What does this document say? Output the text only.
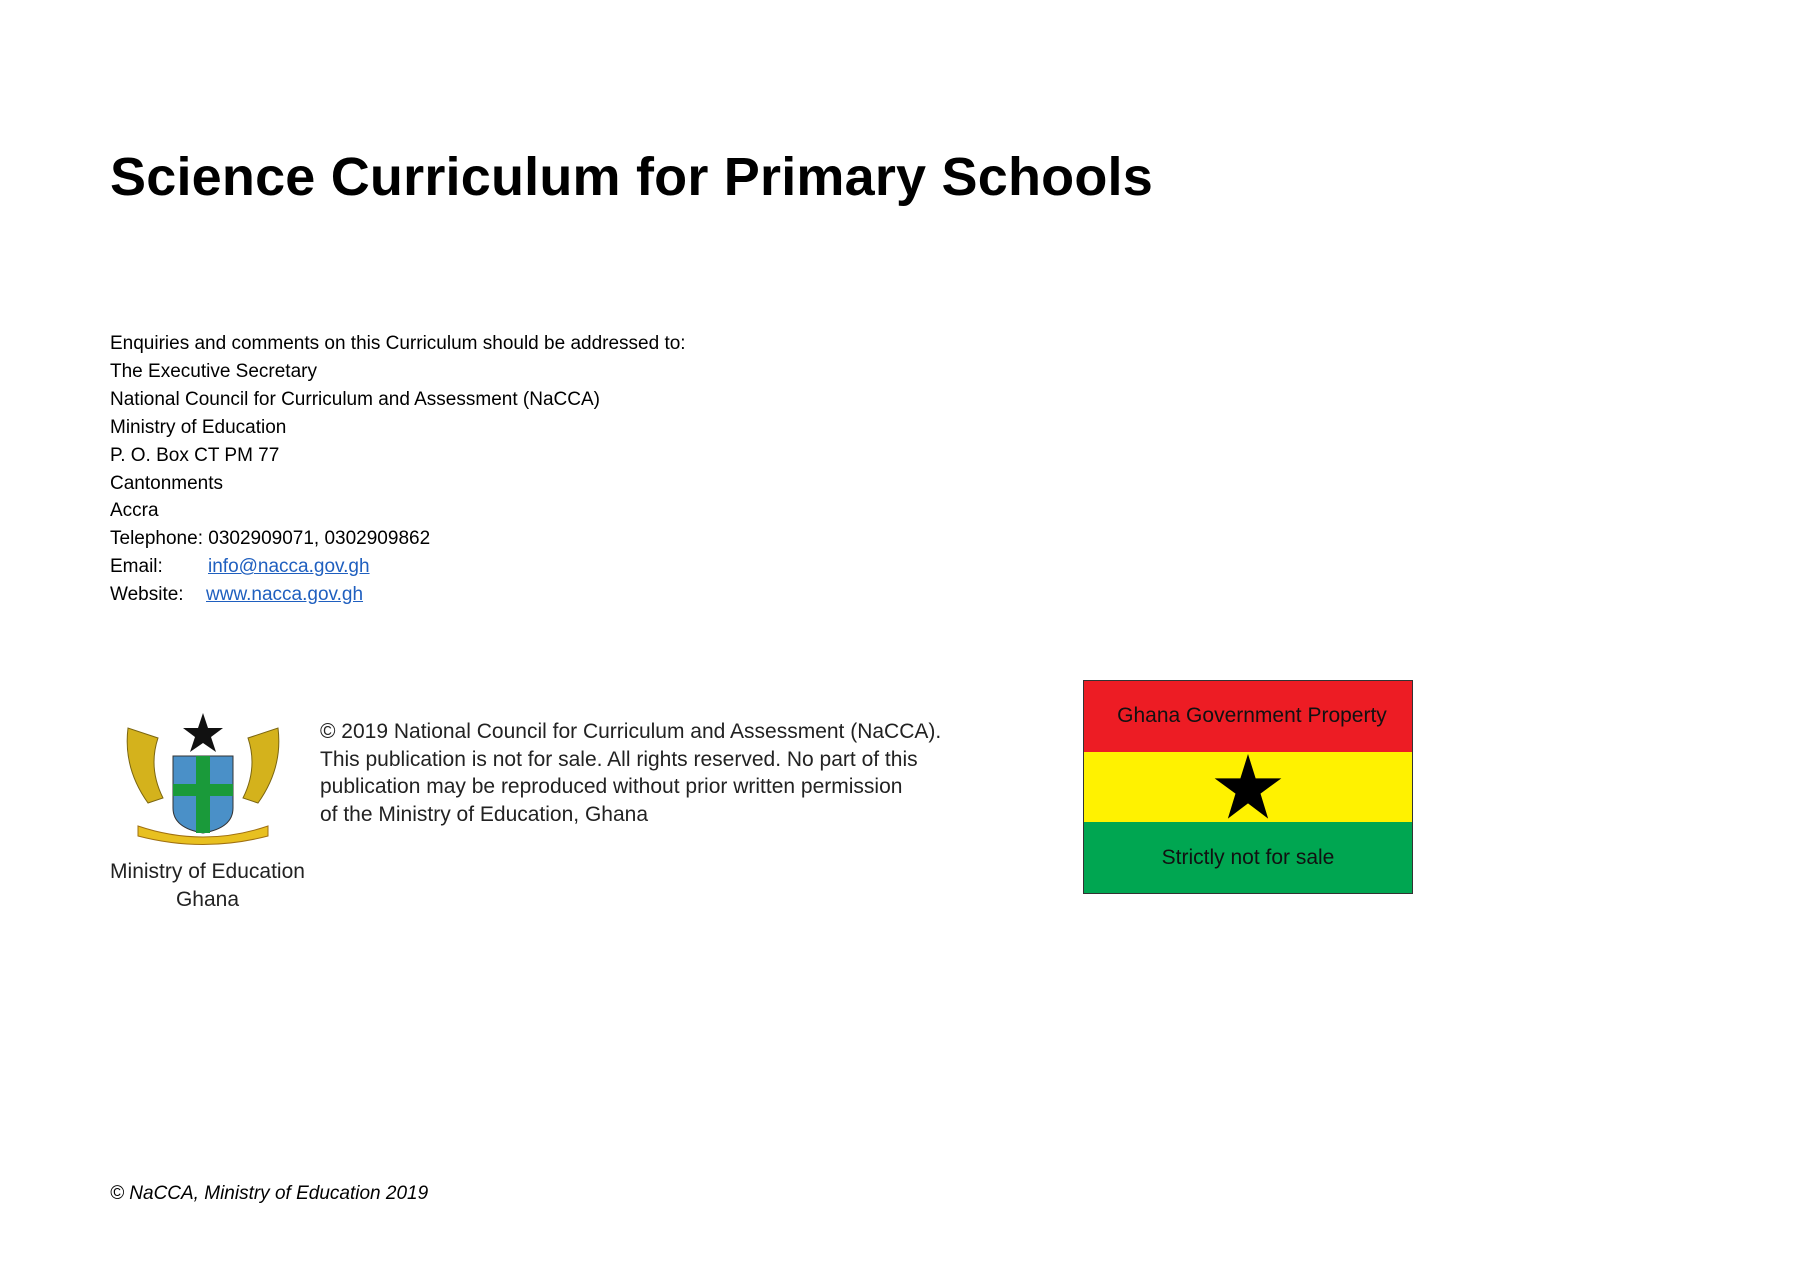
Science Curriculum for Primary Schools
Enquiries and comments on this Curriculum should be addressed to:
The Executive Secretary
National Council for Curriculum and Assessment (NaCCA)
Ministry of Education
P. O. Box CT PM 77
Cantonments
Accra
Telephone: 0302909071, 0302909862
Email: info@nacca.gov.gh
Website: www.nacca.gov.gh
Ministry of Education
Ghana
© 2019 National Council for Curriculum and Assessment (NaCCA).
This publication is not for sale. All rights reserved. No part of this
publication may be reproduced without prior written permission
of the Ministry of Education, Ghana
Ghana Government Property
Strictly not for sale
© NaCCA, Ministry of Education 2019
